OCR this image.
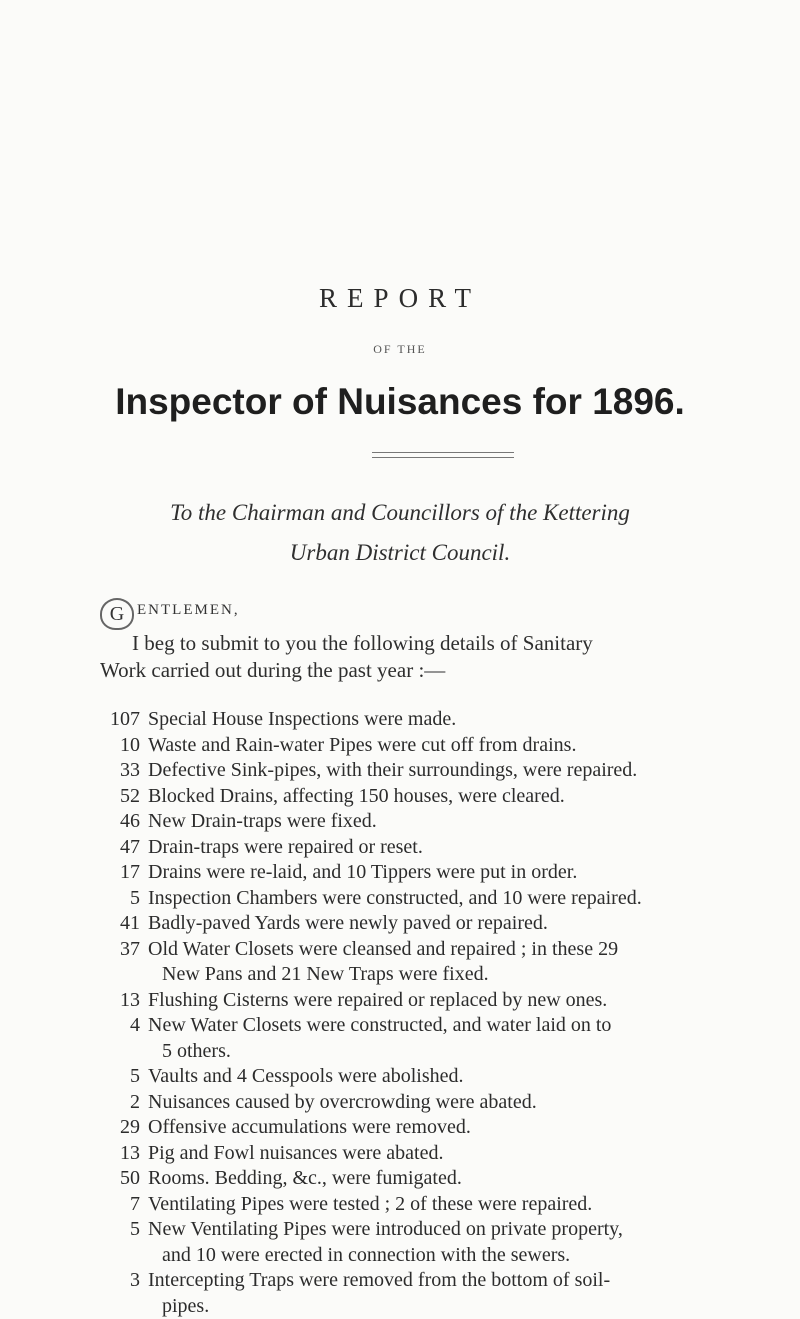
REPORT
OF THE
Inspector of Nuisances for 1896.
To the Chairman and Councillors of the Kettering
Urban District Council.
G ENTLEMEN,
I beg to submit to you the following details of Sanitary
Work carried out during the past year :—
107 Special House Inspections were made.
10 Waste and Rain-water Pipes were cut off from drains.
33 Defective Sink-pipes, with their surroundings, were repaired.
52 Blocked Drains, affecting 150 houses, were cleared.
46 New Drain-traps were fixed.
47 Drain-traps were repaired or reset.
17 Drains were re-laid, and 10 Tippers were put in order.
5 Inspection Chambers were constructed, and 10 were repaired.
41 Badly-paved Yards were newly paved or repaired.
37 Old Water Closets were cleansed and repaired ; in these 29
New Pans and 21 New Traps were fixed.
13 Flushing Cisterns were repaired or replaced by new ones.
4 New Water Closets were constructed, and water laid on to
5 others.
5 Vaults and 4 Cesspools were abolished.
2 Nuisances caused by overcrowding were abated.
29 Offensive accumulations were removed.
13 Pig and Fowl nuisances were abated.
50 Rooms. Bedding, &c., were fumigated.
7 Ventilating Pipes were tested ; 2 of these were repaired.
5 New Ventilating Pipes were introduced on private property,
and 10 were erected in connection with the sewers.
3 Intercepting Traps were removed from the bottom of soil-
pipes.
